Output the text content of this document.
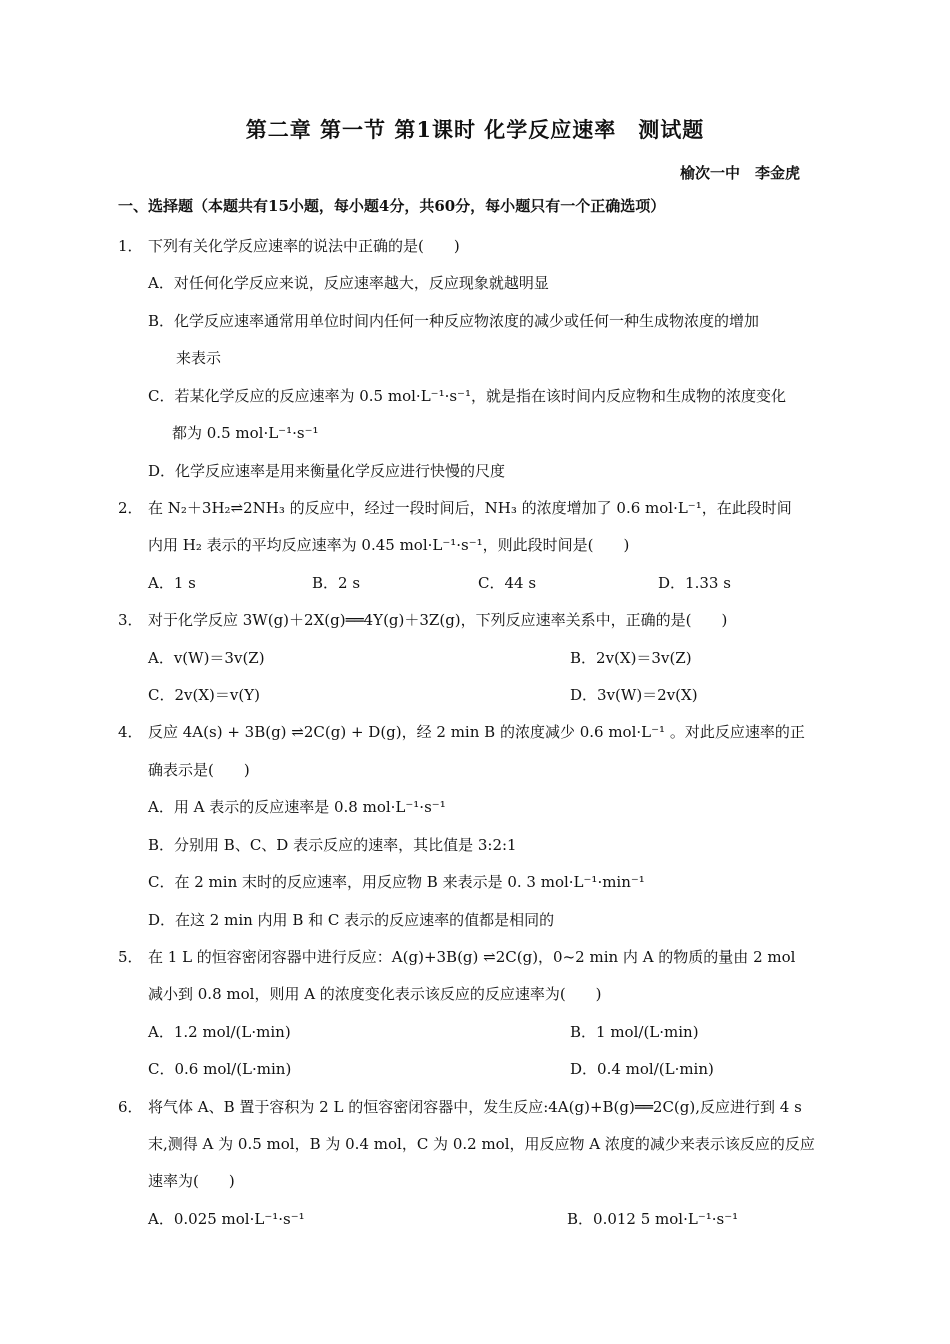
第二章 第一节 第1课时 化学反应速率　测试题
榆次一中　李金虎
一、选择题（本题共有15小题，每小题4分，共60分，每小题只有一个正确选项）
1． 下列有关化学反应速率的说法中正确的是(　　)
A．对任何化学反应来说，反应速率越大，反应现象就越明显
B．化学反应速率通常用单位时间内任何一种反应物浓度的减少或任何一种生成物浓度的增加
来表示
C．若某化学反应的反应速率为 0.5 mol·L⁻¹·s⁻¹，就是指在该时间内反应物和生成物的浓度变化
都为 0.5 mol·L⁻¹·s⁻¹
D．化学反应速率是用来衡量化学反应进行快慢的尺度
2． 在 N₂＋3H₂⇌2NH₃ 的反应中，经过一段时间后，NH₃ 的浓度增加了 0.6 mol·L⁻¹，在此段时间
内用 H₂ 表示的平均反应速率为 0.45 mol·L⁻¹·s⁻¹，则此段时间是(　　)
A．1 s	B．2 s	C．44 s	D．1.33 s
3． 对于化学反应 3W(g)＋2X(g)══4Y(g)＋3Z(g)，下列反应速率关系中，正确的是(　　)
A．v(W)＝3v(Z)	B．2v(X)＝3v(Z)
C．2v(X)＝v(Y)	D．3v(W)＝2v(X)
4． 反应 4A(s) + 3B(g) ⇌2C(g) + D(g)，经 2 min B 的浓度减少 0.6 mol·L⁻¹ 。对此反应速率的正
确表示是(　　)
A．用 A 表示的反应速率是 0.8 mol·L⁻¹·s⁻¹
B．分别用 B、C、D 表示反应的速率，其比值是 3:2:1
C．在 2 min 末时的反应速率，用反应物 B 来表示是 0. 3 mol·L⁻¹·min⁻¹
D．在这 2 min 内用 B 和 C 表示的反应速率的值都是相同的
5． 在 1 L 的恒容密闭容器中进行反应：A(g)+3B(g) ⇌2C(g)，0~2 min 内 A 的物质的量由 2 mol
减小到 0.8 mol，则用 A 的浓度变化表示该反应的反应速率为(　　)
A．1.2 mol/(L·min)	B．1 mol/(L·min)
C．0.6 mol/(L·min)	D．0.4 mol/(L·min)
6． 将气体 A、B 置于容积为 2 L 的恒容密闭容器中，发生反应:4A(g)+B(g)══2C(g),反应进行到 4 s
末,测得 A 为 0.5 mol，B 为 0.4 mol，C 为 0.2 mol，用反应物 A 浓度的减少来表示该反应的反应
速率为(　　)
A．0.025 mol·L⁻¹·s⁻¹	B．0.012 5 mol·L⁻¹·s⁻¹
